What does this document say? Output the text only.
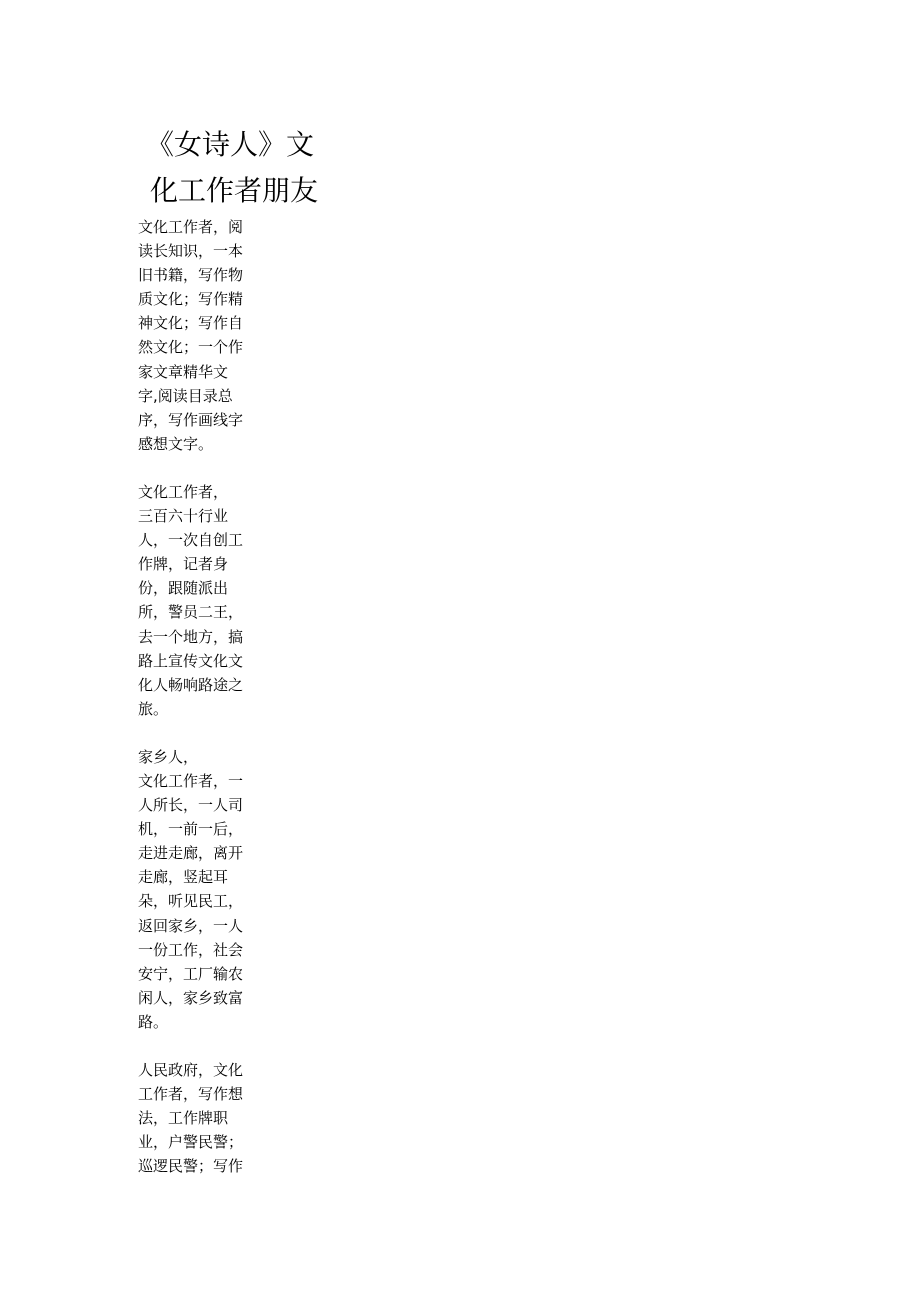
《女诗人》文
化工作者朋友
文化工作者，阅
读长知识，一本
旧书籍，写作物
质文化；写作精
神文化；写作自
然文化；一个作
家文章精华文
字,阅读目录总
序，写作画线字
感想文字。
文化工作者，
三百六十行业
人，一次自创工
作牌，记者身
份，跟随派出
所，警员二王，
去一个地方，搞
路上宣传文化文
化人畅响路途之
旅。
家乡人，
文化工作者，一
人所长，一人司
机，一前一后，
走进走廊，离开
走廊，竖起耳
朵，听见民工，
返回家乡，一人
一份工作，社会
安宁，工厂输农
闲人，家乡致富
路。
人民政府，文化
工作者，写作想
法，工作牌职
业，户警民警；
巡逻民警；写作
